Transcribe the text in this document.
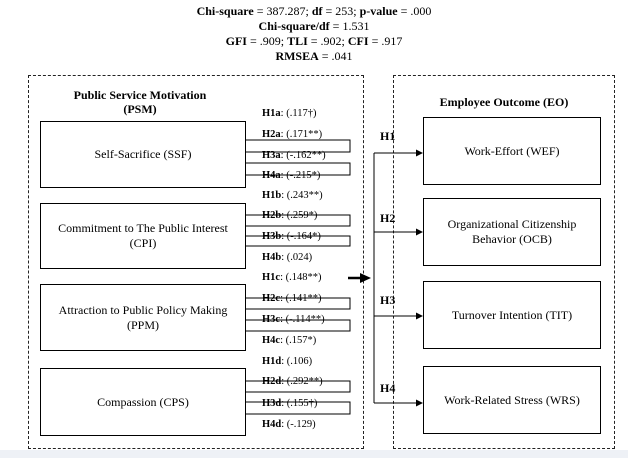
Chi-square = 387.287; df = 253; p-value = .000
Chi-square/df = 1.531
GFI = .909; TLI = .902; CFI = .917
RMSEA = .041
Public Service Motivation
(PSM)	Employee Outcome (EO)
Self-Sacrifice (SSF)
Commitment to The Public Interest
(CPI)
Attraction to Public Policy Making
(PPM)
Compassion (CPS)
H1a: (.117†)
H2a: (.171**)
H3a: (-.162**)
H4a: (-.215*)
H1b: (.243**)
H2b: (.259*)
H3b: (-.164*)
H4b: (.024)
H1c: (.148**)
H2c: (.141**)
H3c: (-.114**)
H4c: (.157*)
H1d: (.106)
H2d: (.292**)
H3d: (.155†)
H4d: (-.129)
H1
H2
H3
H4
Work-Effort (WEF)
Organizational Citizenship
Behavior (OCB)
Turnover Intention (TIT)
Work-Related Stress (WRS)
